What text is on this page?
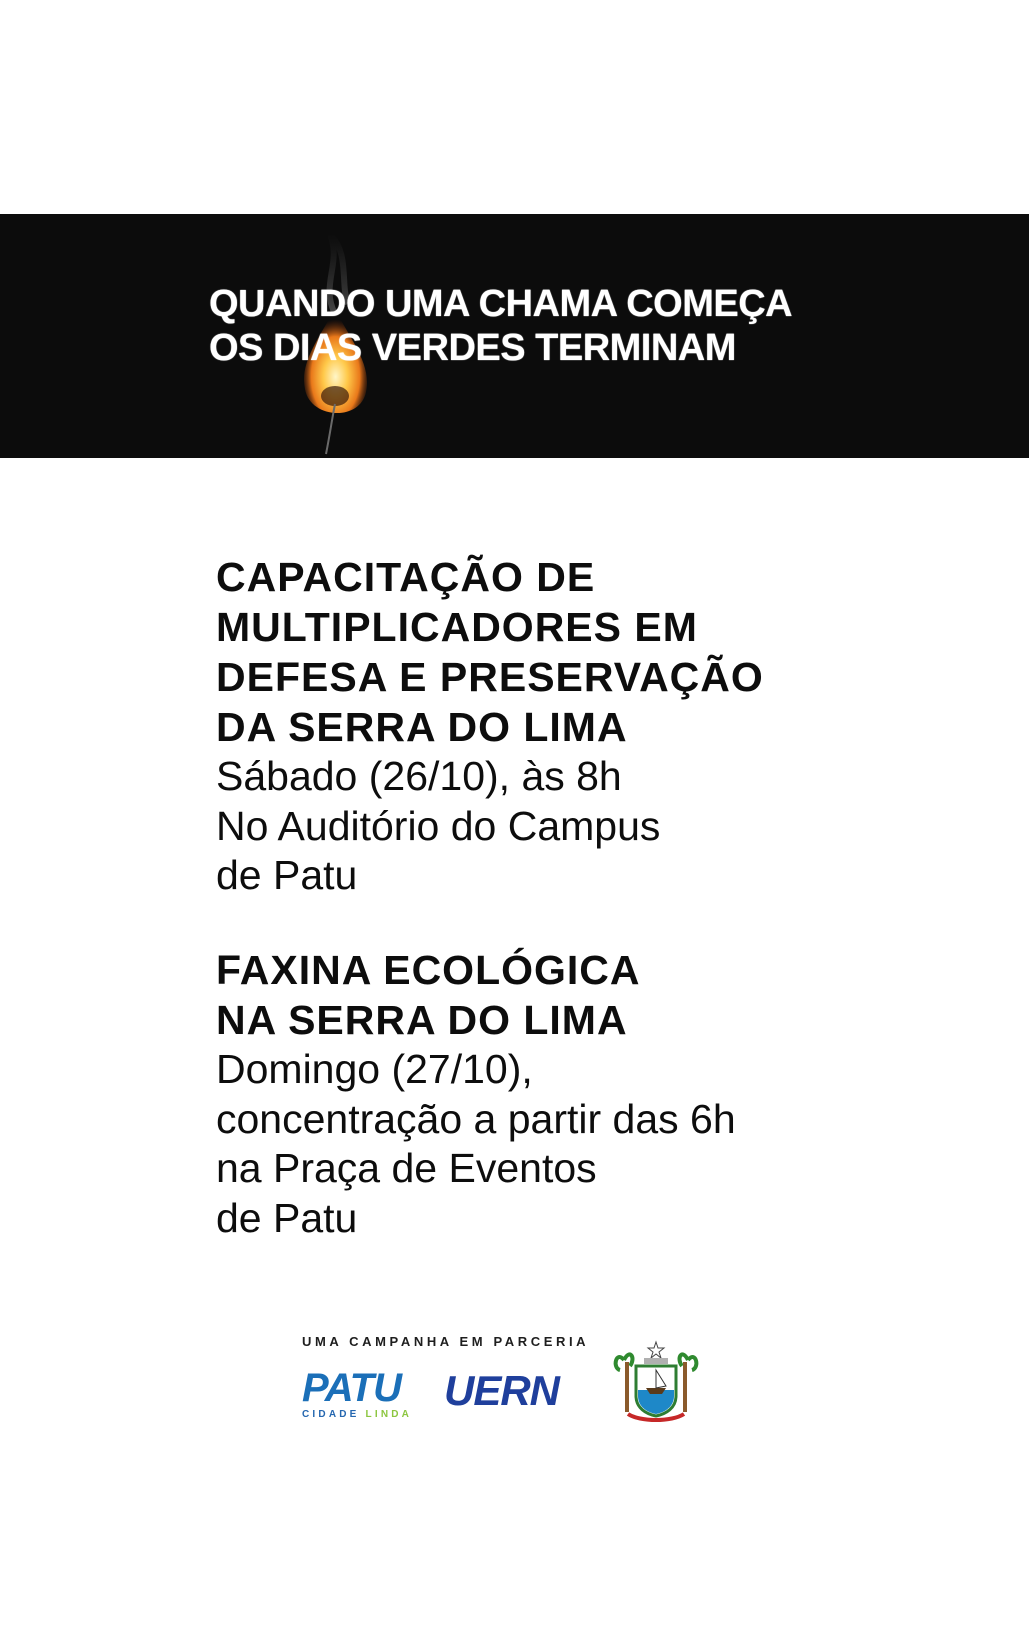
QUANDO UMA CHAMA COMEÇA
OS DIAS VERDES TERMINAM
CAPACITAÇÃO DE
MULTIPLICADORES EM
DEFESA E PRESERVAÇÃO
DA SERRA DO LIMA
Sábado (26/10), às 8h
No Auditório do Campus
de Patu
FAXINA ECOLÓGICA
NA SERRA DO LIMA
Domingo (27/10),
concentração a partir das 6h
na Praça de Eventos
de Patu
UMA CAMPANHA EM PARCERIA
PATU
CIDADE LINDA
UERN
